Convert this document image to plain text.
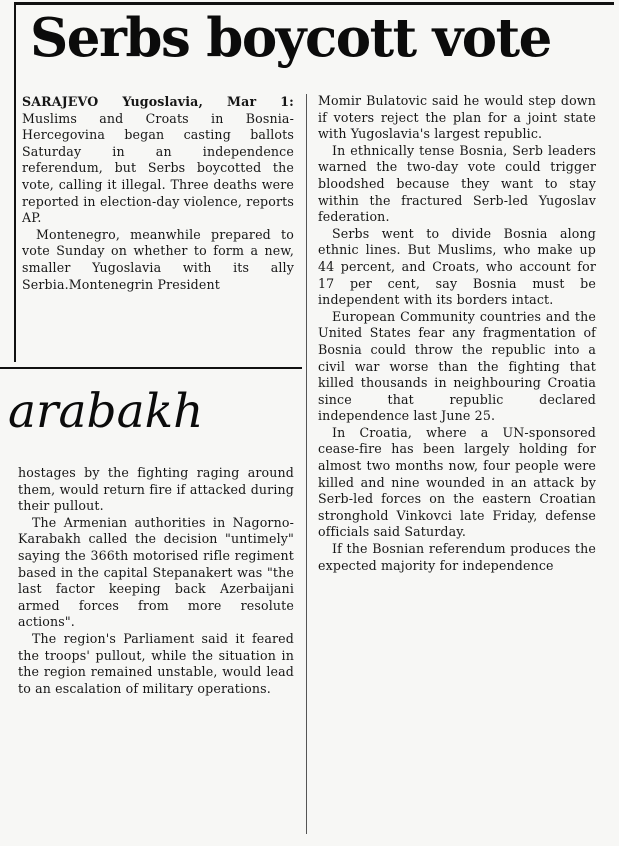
Serbs boycott vote

SARAJEVO Yugoslavia, Mar 1: Muslims and Croats in Bosnia-Hercegovina began casting ballots Saturday in an independence referendum, but Serbs boycotted the vote, calling it illegal. Three deaths were reported in election-day violence, reports AP.

Montenegro, meanwhile prepared to vote Sunday on whether to form a new, smaller Yugoslavia with its ally Serbia.Montenegrin President

arabakh

hostages by the fighting raging around them, would return fire if attacked during their pullout.

The Armenian authorities in Nagorno-Karabakh called the decision "untimely" saying the 366th motorised rifle regiment based in the capital Stepanakert was "the last factor keeping back Azerbaijani armed forces from more resolute actions".

The region's Parliament said it feared the troops' pullout, while the situation in the region remained unstable, would lead to an escalation of military operations.

Momir Bulatovic said he would step down if voters reject the plan for a joint state with Yugoslavia's largest republic.

In ethnically tense Bosnia, Serb leaders warned the two-day vote could trigger bloodshed because they want to stay within the fractured Serb-led Yugoslav federation.

Serbs went to divide Bosnia along ethnic lines. But Muslims, who make up 44 percent, and Croats, who account for 17 per cent, say Bosnia must be independent with its borders intact.

European Community countries and the United States fear any fragmentation of Bosnia could throw the republic into a civil war worse than the fighting that killed thousands in neighbouring Croatia since that republic declared independence last June 25.

In Croatia, where a UN-sponsored cease-fire has been largely holding for almost two months now, four people were killed and nine wounded in an attack by Serb-led forces on the eastern Croatian stronghold Vinkovci late Friday, defense officials said Saturday.

If the Bosnian referendum produces the expected majority for independence
